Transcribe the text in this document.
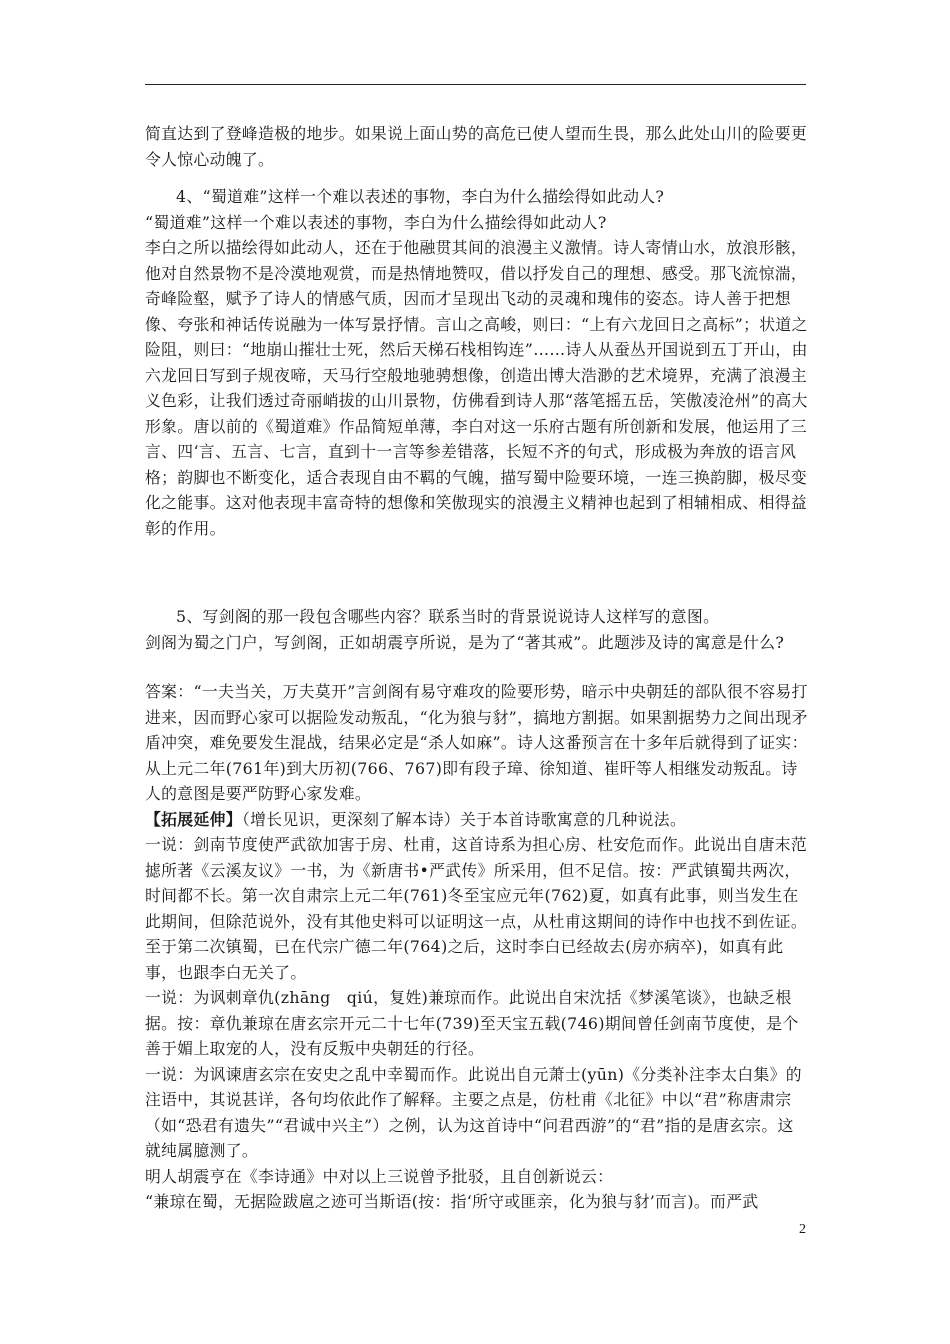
简直达到了登峰造极的地步。如果说上面山势的高危已使人望而生畏，那么此处山川的险要更令人惊心动魄了。

4、“蜀道难”这样一个难以表述的事物，李白为什么描绘得如此动人?

“蜀道难”这样一个难以表述的事物，李白为什么描绘得如此动人?

李白之所以描绘得如此动人，还在于他融贯其间的浪漫主义激情。诗人寄情山水，放浪形骸，他对自然景物不是冷漠地观赏，而是热情地赞叹，借以抒发自己的理想、感受。那飞流惊湍，奇峰险壑，赋予了诗人的情感气质，因而才呈现出飞动的灵魂和瑰伟的姿态。诗人善于把想像、夸张和神话传说融为一体写景抒情。言山之高峻，则曰：“上有六龙回日之高标”；状道之险阻，则曰：“地崩山摧壮士死，然后天梯石栈相钩连”……诗人从蚕丛开国说到五丁开山，由六龙回日写到子规夜啼，天马行空般地驰骋想像，创造出博大浩渺的艺术境界，充满了浪漫主义色彩，让我们透过奇丽峭拔的山川景物，仿佛看到诗人那“落笔摇五岳，笑傲凌沧州”的高大形象。唐以前的《蜀道难》作品简短单薄，李白对这一乐府古题有所创新和发展，他运用了三言、四‘言、五言、七言，直到十一言等参差错落，长短不齐的句式，形成极为奔放的语言风格；韵脚也不断变化，适合表现自由不羁的气魄，描写蜀中险要环境，一连三换韵脚，极尽变化之能事。这对他表现丰富奇特的想像和笑傲现实的浪漫主义精神也起到了相辅相成、相得益彰的作用。

5、写剑阁的那一段包含哪些内容？联系当时的背景说说诗人这样写的意图。

剑阁为蜀之门户，写剑阁，正如胡震亨所说，是为了“著其戒”。此题涉及诗的寓意是什么?

答案：“一夫当关，万夫莫开”言剑阁有易守难攻的险要形势，暗示中央朝廷的部队很不容易打进来，因而野心家可以据险发动叛乱，“化为狼与豺”，搞地方割据。如果割据势力之间出现矛盾冲突，难免要发生混战，结果必定是“杀人如麻”。诗人这番预言在十多年后就得到了证实：从上元二年(761年)到大历初(766、767)即有段子璋、徐知道、崔旰等人相继发动叛乱。诗人的意图是要严防野心家发难。

【拓展延伸】（增长见识，更深刻了解本诗）关于本首诗歌寓意的几种说法。

一说：剑南节度使严武欲加害于房、杜甫，这首诗系为担心房、杜安危而作。此说出自唐末范摅所著《云溪友议》一书，为《新唐书•严武传》所采用，但不足信。按：严武镇蜀共两次，时间都不长。第一次自肃宗上元二年(761)冬至宝应元年(762)夏，如真有此事，则当发生在此期间，但除范说外，没有其他史料可以证明这一点，从杜甫这期间的诗作中也找不到佐证。至于第二次镇蜀，已在代宗广德二年(764)之后，这时李白已经故去(房亦病卒)，如真有此事，也跟李白无关了。

一说：为讽刺章仇(zhāng　qiú，复姓)兼琼而作。此说出自宋沈括《梦溪笔谈》，也缺乏根据。按：章仇兼琼在唐玄宗开元二十七年(739)至天宝五载(746)期间曾任剑南节度使，是个善于媚上取宠的人，没有反叛中央朝廷的行径。

一说：为讽谏唐玄宗在安史之乱中幸蜀而作。此说出自元萧士(yūn)《分类补注李太白集》的注语中，其说甚详，各句均依此作了解释。主要之点是，仿杜甫《北征》中以“君”称唐肃宗（如“恐君有遗失”“君诚中兴主”）之例，认为这首诗中“问君西游”的“君”指的是唐玄宗。这就纯属臆测了。

明人胡震亨在《李诗通》中对以上三说曾予批驳，且自创新说云：

“兼琼在蜀，无据险跋扈之迹可当斯语(按：指‘所守或匪亲，化为狼与豺’而言)。而严武

2
